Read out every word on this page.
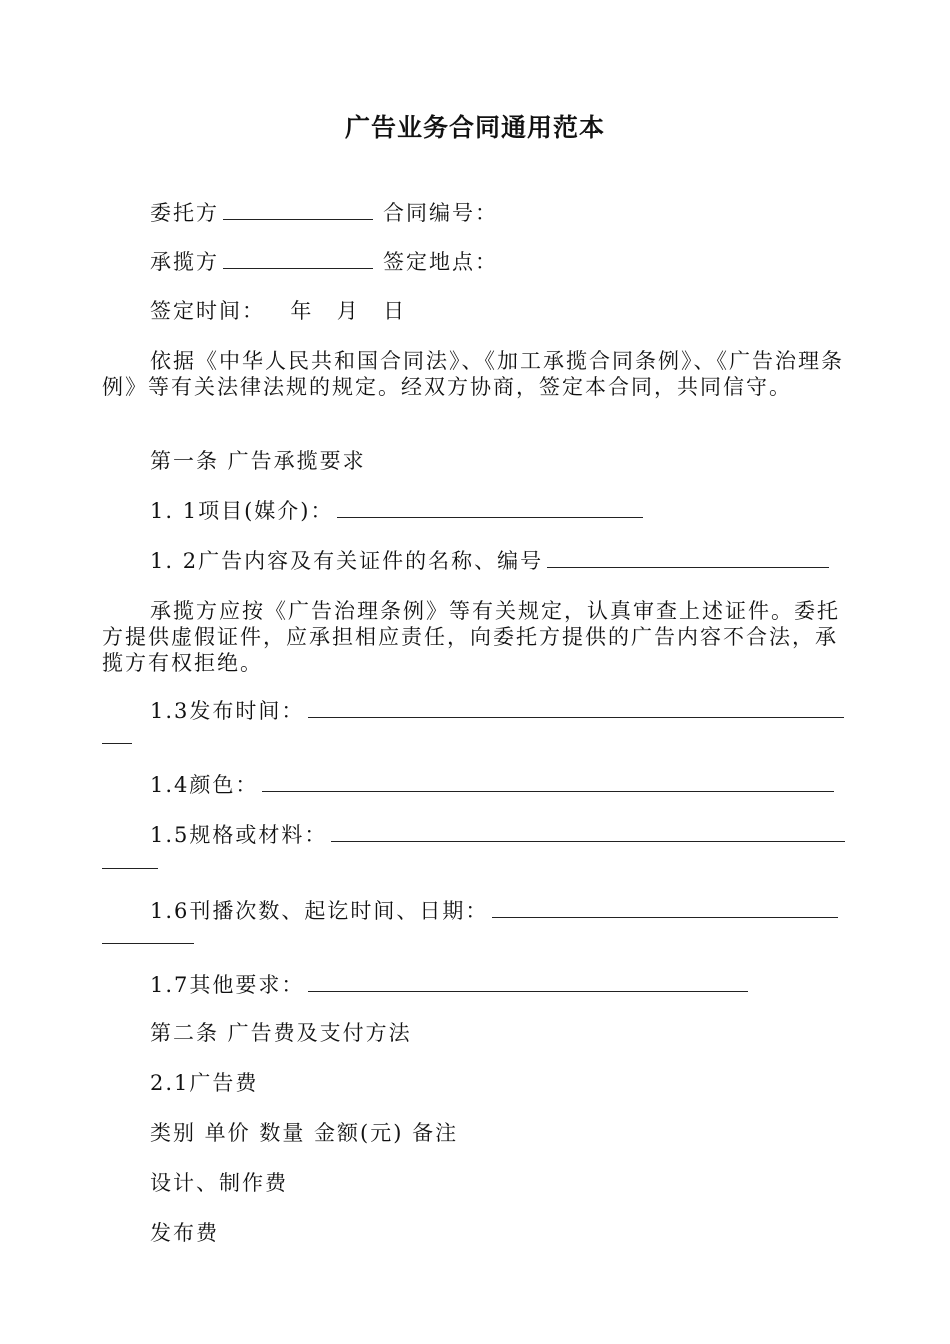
广告业务合同通用范本
委托方	合同编号：
承揽方	签定地点：
签定时间： 年 月 日
依据《中华人民共和国合同法》、《加工承揽合同条例》、《广告治理条例》等有关法律法规的规定。经双方协商，签定本合同，共同信守。
第一条 广告承揽要求
1. 1项目(媒介)：
1. 2广告内容及有关证件的名称、编号
承揽方应按《广告治理条例》等有关规定，认真审查上述证件。委托方提供虚假证件，应承担相应责任，向委托方提供的广告内容不合法，承揽方有权拒绝。
1.3发布时间：
1.4颜色：
1.5规格或材料：
1.6刊播次数、起讫时间、日期：
1.7其他要求：
第二条 广告费及支付方法
2.1广告费
类别 单价 数量 金额(元) 备注
设计、制作费
发布费
